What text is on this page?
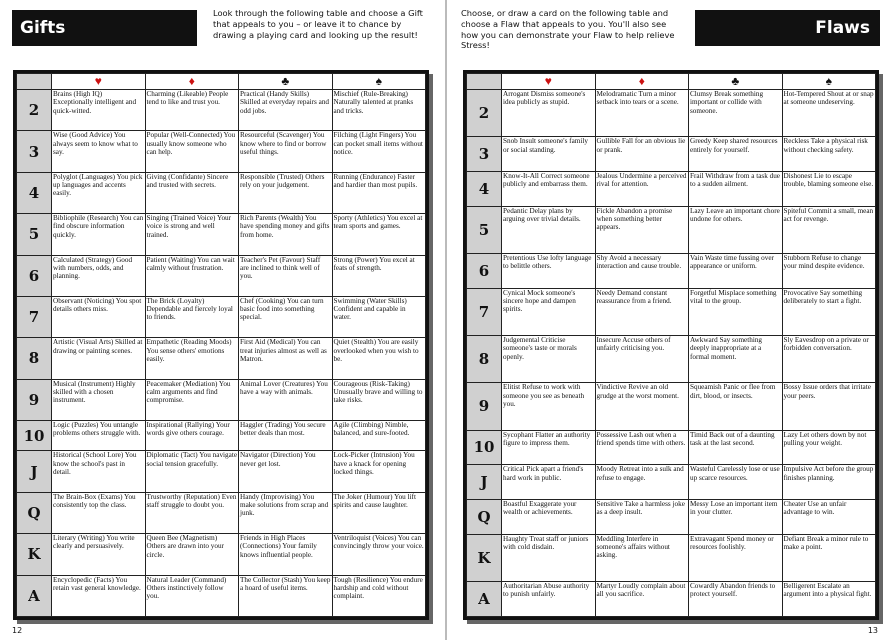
Gifts
Look through the following table and choose a Gift that appeals to you – or leave it to chance by drawing a playing card and looking up the result!
	♥	♦	♣	♠
2	Brains (High IQ) Exceptionally intelligent and quick-witted.	Charming (Likeable) People tend to like and trust you.	Practical (Handy Skills) Skilled at everyday repairs and odd jobs.	Mischief (Rule-Breaking) Naturally talented at pranks and tricks.
3	Wise (Good Advice) You always seem to know what to say.	Popular (Well-Connected) You usually know someone who can help.	Resourceful (Scavenger) You know where to find or borrow useful things.	Filching (Light Fingers) You can pocket small items without notice.
4	Polyglot (Languages) You pick up languages and accents easily.	Giving (Confidante) Sincere and trusted with secrets.	Responsible (Trusted) Others rely on your judgement.	Running (Endurance) Faster and hardier than most pupils.
5	Bibliophile (Research) You can find obscure information quickly.	Singing (Trained Voice) Your voice is strong and well trained.	Rich Parents (Wealth) You have spending money and gifts from home.	Sporty (Athletics) You excel at team sports and games.
6	Calculated (Strategy) Good with numbers, odds, and planning.	Patient (Waiting) You can wait calmly without frustration.	Teacher's Pet (Favour) Staff are inclined to think well of you.	Strong (Power) You excel at feats of strength.
7	Observant (Noticing) You spot details others miss.	The Brick (Loyalty) Dependable and fiercely loyal to friends.	Chef (Cooking) You can turn basic food into something special.	Swimming (Water Skills) Confident and capable in water.
8	Artistic (Visual Arts) Skilled at drawing or painting scenes.	Empathetic (Reading Moods) You sense others' emotions easily.	First Aid (Medical) You can treat injuries almost as well as Matron.	Quiet (Stealth) You are easily overlooked when you wish to be.
9	Musical (Instrument) Highly skilled with a chosen instrument.	Peacemaker (Mediation) You calm arguments and find compromise.	Animal Lover (Creatures) You have a way with animals.	Courageous (Risk-Taking) Unusually brave and willing to take risks.
10	Logic (Puzzles) You untangle problems others struggle with.	Inspirational (Rallying) Your words give others courage.	Haggler (Trading) You secure better deals than most.	Agile (Climbing) Nimble, balanced, and sure-footed.
J	Historical (School Lore) You know the school's past in detail.	Diplomatic (Tact) You navigate social tension gracefully.	Navigator (Direction) You never get lost.	Lock-Picker (Intrusion) You have a knack for opening locked things.
Q	The Brain-Box (Exams) You consistently top the class.	Trustworthy (Reputation) Even staff struggle to doubt you.	Handy (Improvising) You make solutions from scrap and junk.	The Joker (Humour) You lift spirits and cause laughter.
K	Literary (Writing) You write clearly and persuasively.	Queen Bee (Magnetism) Others are drawn into your circle.	Friends in High Places (Connections) Your family knows influential people.	Ventriloquist (Voices) You can convincingly throw your voice.
A	Encyclopedic (Facts) You retain vast general knowledge.	Natural Leader (Command) Others instinctively follow you.	The Collector (Stash) You keep a hoard of useful items.	Tough (Resilience) You endure hardship and cold without complaint.
12
Flaws
Choose, or draw a card on the following table and choose a Flaw that appeals to you. You'll also see how you can demonstrate your Flaw to help relieve Stress!
	♥	♦	♣	♠
2	Arrogant Dismiss someone's idea publicly as stupid.	Melodramatic Turn a minor setback into tears or a scene.	Clumsy Break something important or collide with someone.	Hot-Tempered Shout at or snap at someone undeserving.
3	Snob Insult someone's family or social standing.	Gullible Fall for an obvious lie or prank.	Greedy Keep shared resources entirely for yourself.	Reckless Take a physical risk without checking safety.
4	Know-It-All Correct someone publicly and embarrass them.	Jealous Undermine a perceived rival for attention.	Frail Withdraw from a task due to a sudden ailment.	Dishonest Lie to escape trouble, blaming someone else.
5	Pedantic Delay plans by arguing over trivial details.	Fickle Abandon a promise when something better appears.	Lazy Leave an important chore undone for others.	Spiteful Commit a small, mean act for revenge.
6	Pretentious Use lofty language to belittle others.	Shy Avoid a necessary interaction and cause trouble.	Vain Waste time fussing over appearance or uniform.	Stubborn Refuse to change your mind despite evidence.
7	Cynical Mock someone's sincere hope and dampen spirits.	Needy Demand constant reassurance from a friend.	Forgetful Misplace something vital to the group.	Provocative Say something deliberately to start a fight.
8	Judgemental Criticise someone's taste or morals openly.	Insecure Accuse others of unfairly criticising you.	Awkward Say something deeply inappropriate at a formal moment.	Sly Eavesdrop on a private or forbidden conversation.
9	Elitist Refuse to work with someone you see as beneath you.	Vindictive Revive an old grudge at the worst moment.	Squeamish Panic or flee from dirt, blood, or insects.	Bossy Issue orders that irritate your peers.
10	Sycophant Flatter an authority figure to impress them.	Possessive Lash out when a friend spends time with others.	Timid Back out of a daunting task at the last second.	Lazy Let others down by not pulling your weight.
J	Critical Pick apart a friend's hard work in public.	Moody Retreat into a sulk and refuse to engage.	Wasteful Carelessly lose or use up scarce resources.	Impulsive Act before the group finishes planning.
Q	Boastful Exaggerate your wealth or achievements.	Sensitive Take a harmless joke as a deep insult.	Messy Lose an important item in your clutter.	Cheater Use an unfair advantage to win.
K	Haughty Treat staff or juniors with cold disdain.	Meddling Interfere in someone's affairs without asking.	Extravagant Spend money or resources foolishly.	Defiant Break a minor rule to make a point.
A	Authoritarian Abuse authority to punish unfairly.	Martyr Loudly complain about all you sacrifice.	Cowardly Abandon friends to protect yourself.	Belligerent Escalate an argument into a physical fight.
13
